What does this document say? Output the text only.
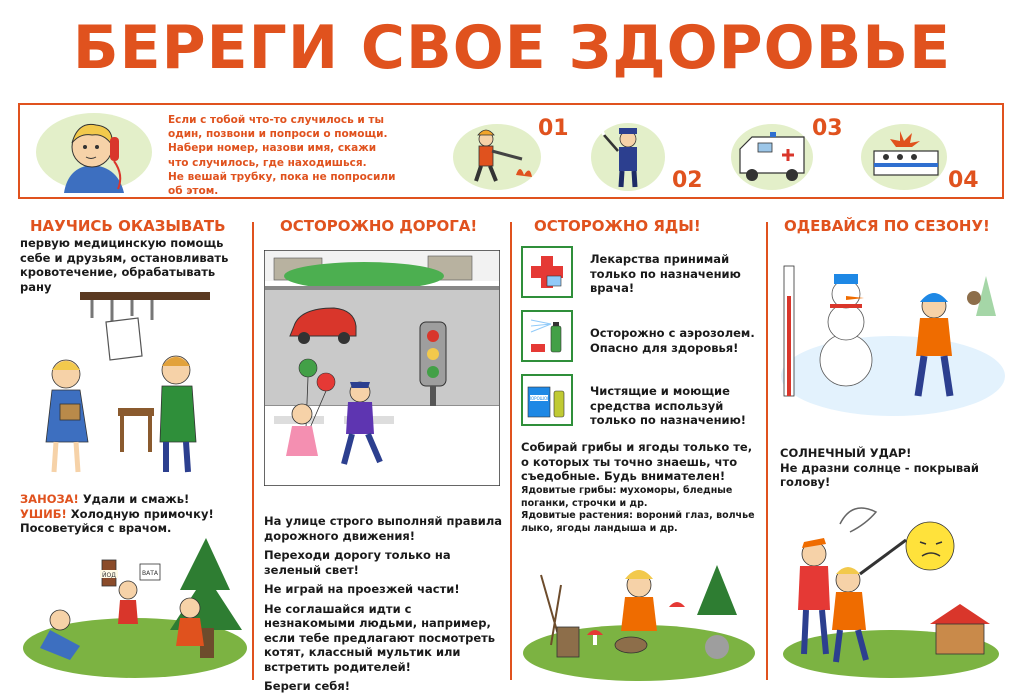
БЕРЕГИ СВОЕ ЗДОРОВЬЕ
Если с тобой что-то случилось и ты
один, позвони и попроси о помощи.
Набери номер, назови имя, скажи
что случилось, где находишься.
Не вешай трубку, пока не попросили
об этом.
01
02
03
04
НАУЧИСЬ ОКАЗЫВАТЬ
первую медицинскую помощь
себе и друзьям, остановливать
кровотечение, обрабатывать рану
ЗАНОЗА! Удали и смажь!
УШИБ! Холодную примочку!
Посоветуйся с врачом.
ЙОД	ВАТА
ОСТОРОЖНО ДОРОГА!

На улице строго выполняй правила дорожного движения!

Переходи дорогу только на зеленый свет!

Не играй на проезжей части!

Не соглашайся идти с незнакомыми людьми, например, если тебе предлагают посмотреть котят, классный мультик или встретить родителей!

Береги себя!

ОСТОРОЖНО ЯДЫ!
Лекарства принимай только по назначению врача!
Осторожно с аэрозолем. Опасно для здоровья!
ПОРОШОК
Чистящие и моющие средства используй только по назначению!
Собирай грибы и ягоды только те, о которых ты точно знаешь, что съедобные. Будь внимателен!
Ядовитые грибы: мухоморы, бледные поганки, строчки и др.
Ядовитые растения: вороний глаз, волчье лыко, ягоды ландыша и др.
ОДЕВАЙСЯ ПО СЕЗОНУ!
СОЛНЕЧНЫЙ УДАР!
Не дразни солнце - покрывай голову!
